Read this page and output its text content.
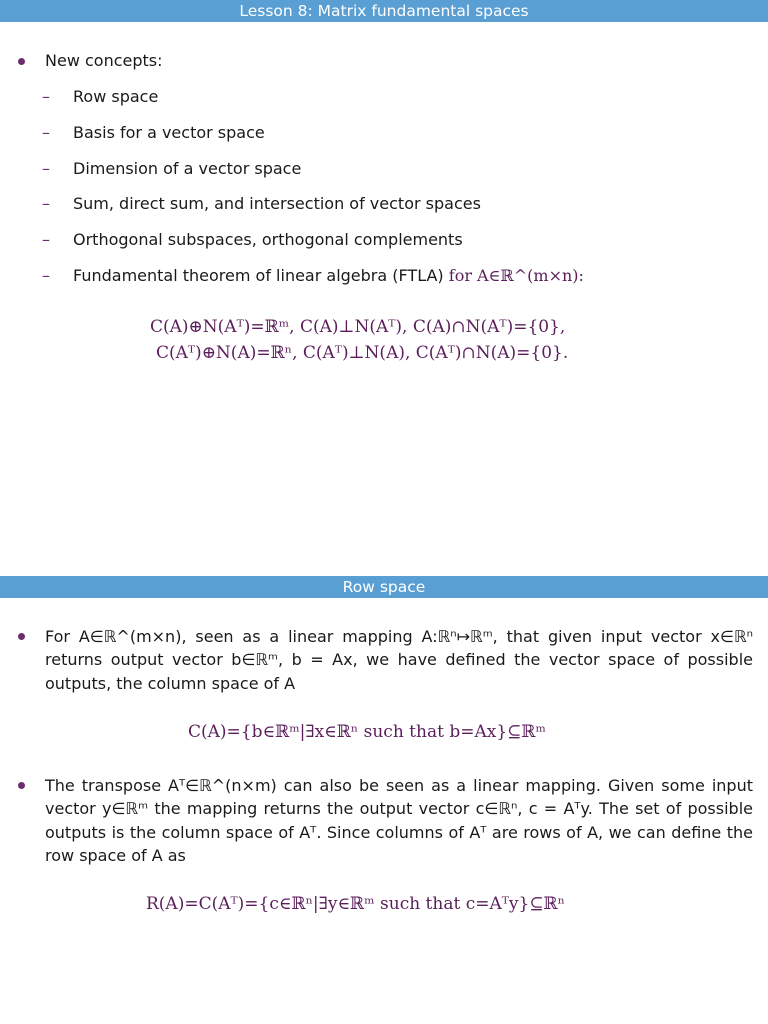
Lesson 8: Matrix fundamental spaces
New concepts:
– Row space
– Basis for a vector space
– Dimension of a vector space
– Sum, direct sum, and intersection of vector spaces
– Orthogonal subspaces, orthogonal complements
– Fundamental theorem of linear algebra (FTLA) for A∈ℝ^(m×n):
C(A)⊕N(Aᵀ)=ℝᵐ, C(A)⊥N(Aᵀ), C(A)∩N(Aᵀ)={0},
C(Aᵀ)⊕N(A)=ℝⁿ, C(Aᵀ)⊥N(A), C(Aᵀ)∩N(A)={0}.
Row space
For A∈ℝ^(m×n), seen as a linear mapping A:ℝⁿ↦ℝᵐ, that given input vector x∈ℝⁿ returns output vector b∈ℝᵐ, b = Ax, we have defined the vector space of possible outputs, the column space of A
C(A)={b∈ℝᵐ|∃x∈ℝⁿ such that b=Ax}⊆ℝᵐ
The transpose Aᵀ∈ℝ^(n×m) can also be seen as a linear mapping. Given some input vector y∈ℝᵐ the mapping returns the output vector c∈ℝⁿ, c = Aᵀy. The set of possible outputs is the column space of Aᵀ. Since columns of Aᵀ are rows of A, we can define the row space of A as
R(A)=C(Aᵀ)={c∈ℝⁿ|∃y∈ℝᵐ such that c=Aᵀy}⊆ℝⁿ
